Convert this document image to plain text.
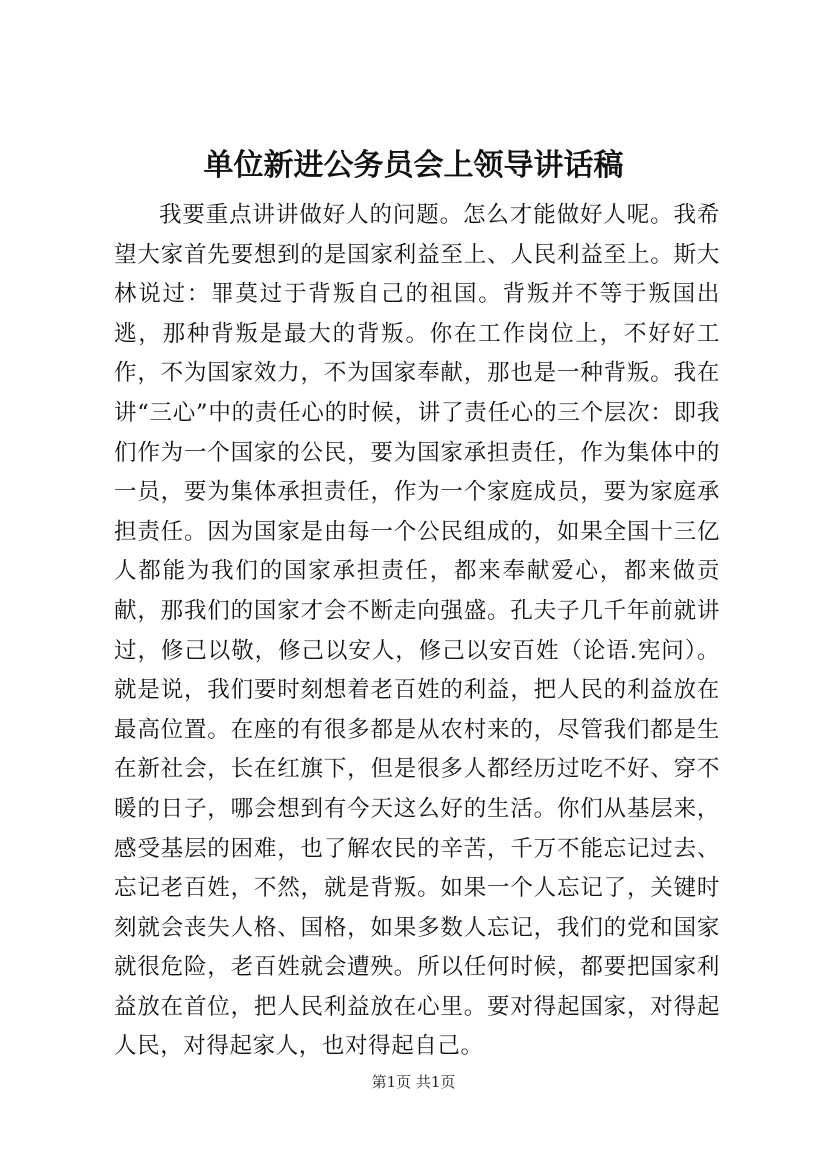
单位新进公务员会上领导讲话稿

我要重点讲讲做好人的问题。怎么才能做好人呢。我希望大家首先要想到的是国家利益至上、人民利益至上。斯大林说过：罪莫过于背叛自己的祖国。背叛并不等于叛国出逃，那种背叛是最大的背叛。你在工作岗位上，不好好工作，不为国家效力，不为国家奉献，那也是一种背叛。我在讲“三心”中的责任心的时候，讲了责任心的三个层次：即我们作为一个国家的公民，要为国家承担责任，作为集体中的一员，要为集体承担责任，作为一个家庭成员，要为家庭承担责任。因为国家是由每一个公民组成的，如果全国十三亿人都能为我们的国家承担责任，都来奉献爱心，都来做贡献，那我们的国家才会不断走向强盛。孔夫子几千年前就讲过，修己以敬，修己以安人，修己以安百姓（论语.宪问）。就是说，我们要时刻想着老百姓的利益，把人民的利益放在最高位置。在座的有很多都是从农村来的，尽管我们都是生在新社会，长在红旗下，但是很多人都经历过吃不好、穿不暖的日子，哪会想到有今天这么好的生活。你们从基层来，感受基层的困难，也了解农民的辛苦，千万不能忘记过去、忘记老百姓，不然，就是背叛。如果一个人忘记了，关键时刻就会丧失人格、国格，如果多数人忘记，我们的党和国家就很危险，老百姓就会遭殃。所以任何时候，都要把国家利益放在首位，把人民利益放在心里。要对得起国家，对得起人民，对得起家人，也对得起自己。

第1页 共1页
